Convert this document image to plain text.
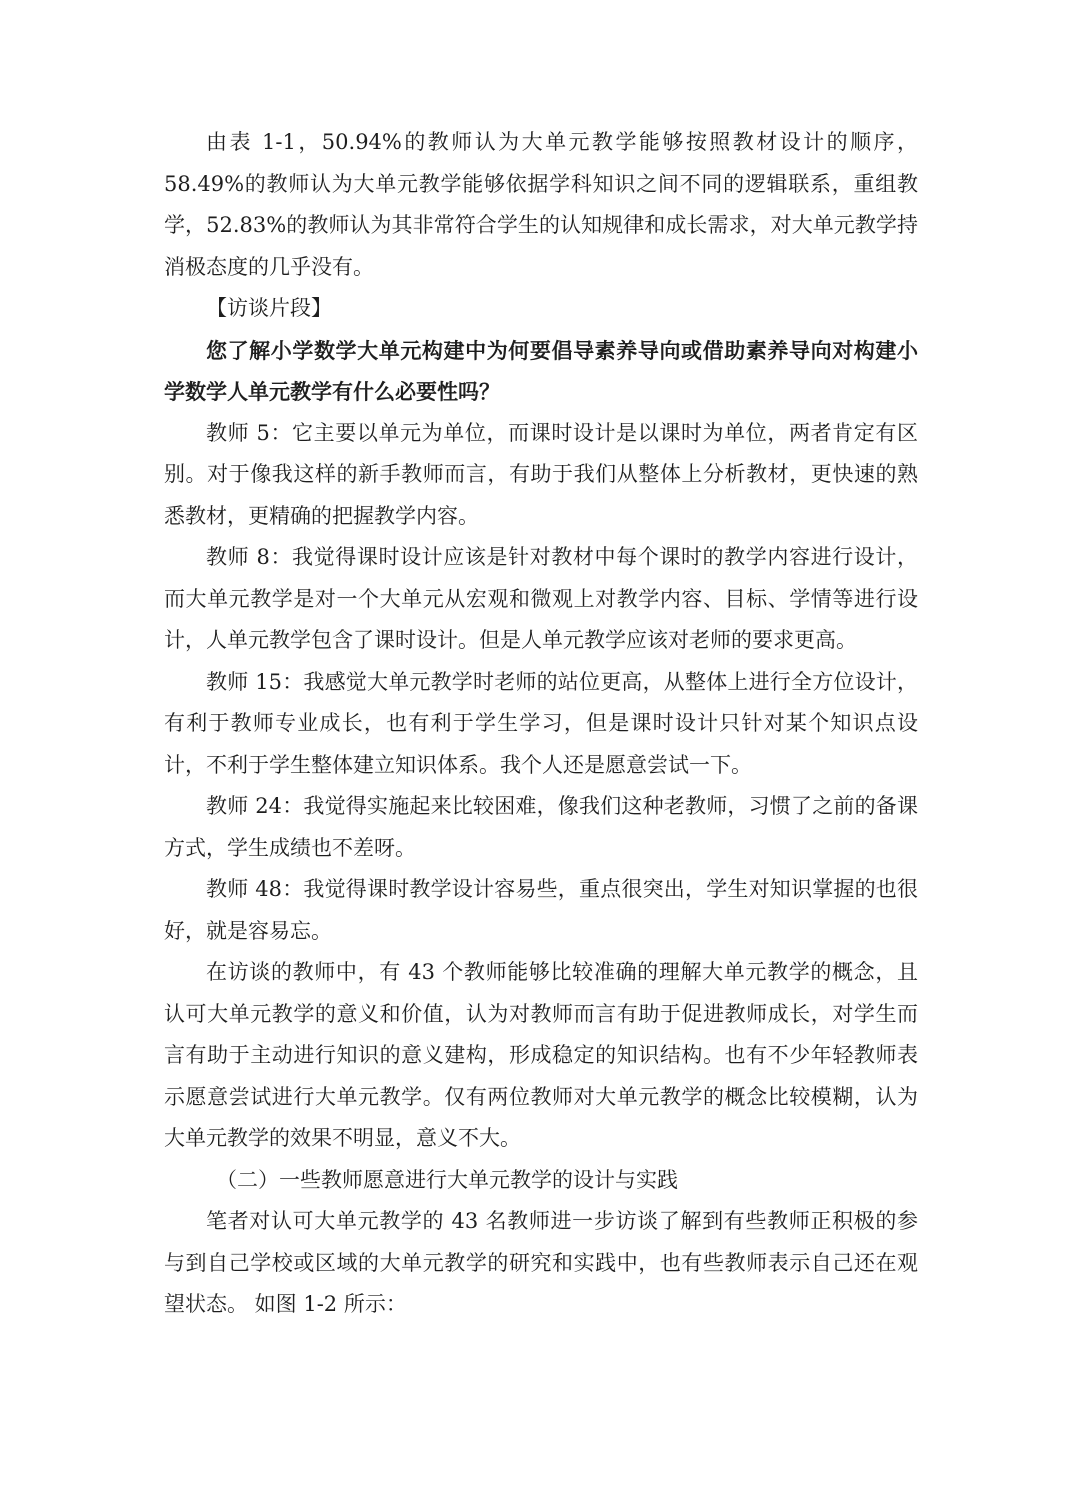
由表 1-1，50.94%的教师认为大单元教学能够按照教材设计的顺序，58.49%的教师认为大单元教学能够依据学科知识之间不同的逻辑联系，重组教学，52.83%的教师认为其非常符合学生的认知规律和成长需求，对大单元教学持消极态度的几乎没有。

【访谈片段】

您了解小学数学大单元构建中为何要倡导素养导向或借助素养导向对构建小学数学人单元教学有什么必要性吗？

教师 5：它主要以单元为单位，而课时设计是以课时为单位，两者肯定有区别。对于像我这样的新手教师而言，有助于我们从整体上分析教材，更快速的熟悉教材，更精确的把握教学内容。

教师 8：我觉得课时设计应该是针对教材中每个课时的教学内容进行设计，而大单元教学是对一个大单元从宏观和微观上对教学内容、目标、学情等进行设计，人单元教学包含了课时设计。但是人单元教学应该对老师的要求更高。

教师 15：我感觉大单元教学时老师的站位更高，从整体上进行全方位设计，有利于教师专业成长，也有利于学生学习，但是课时设计只针对某个知识点设计，不利于学生整体建立知识体系。我个人还是愿意尝试一下。

教师 24：我觉得实施起来比较困难，像我们这种老教师，习惯了之前的备课方式，学生成绩也不差呀。

教师 48：我觉得课时教学设计容易些，重点很突出，学生对知识掌握的也很好，就是容易忘。

在访谈的教师中，有 43 个教师能够比较准确的理解大单元教学的概念，且认可大单元教学的意义和价值，认为对教师而言有助于促进教师成长，对学生而言有助于主动进行知识的意义建构，形成稳定的知识结构。也有不少年轻教师表示愿意尝试进行大单元教学。仅有两位教师对大单元教学的概念比较模糊，认为大单元教学的效果不明显，意义不大。

（二）一些教师愿意进行大单元教学的设计与实践

笔者对认可大单元教学的 43 名教师进一步访谈了解到有些教师正积极的参与到自己学校或区域的大单元教学的研究和实践中，也有些教师表示自己还在观望状态。 如图 1-2 所示：
